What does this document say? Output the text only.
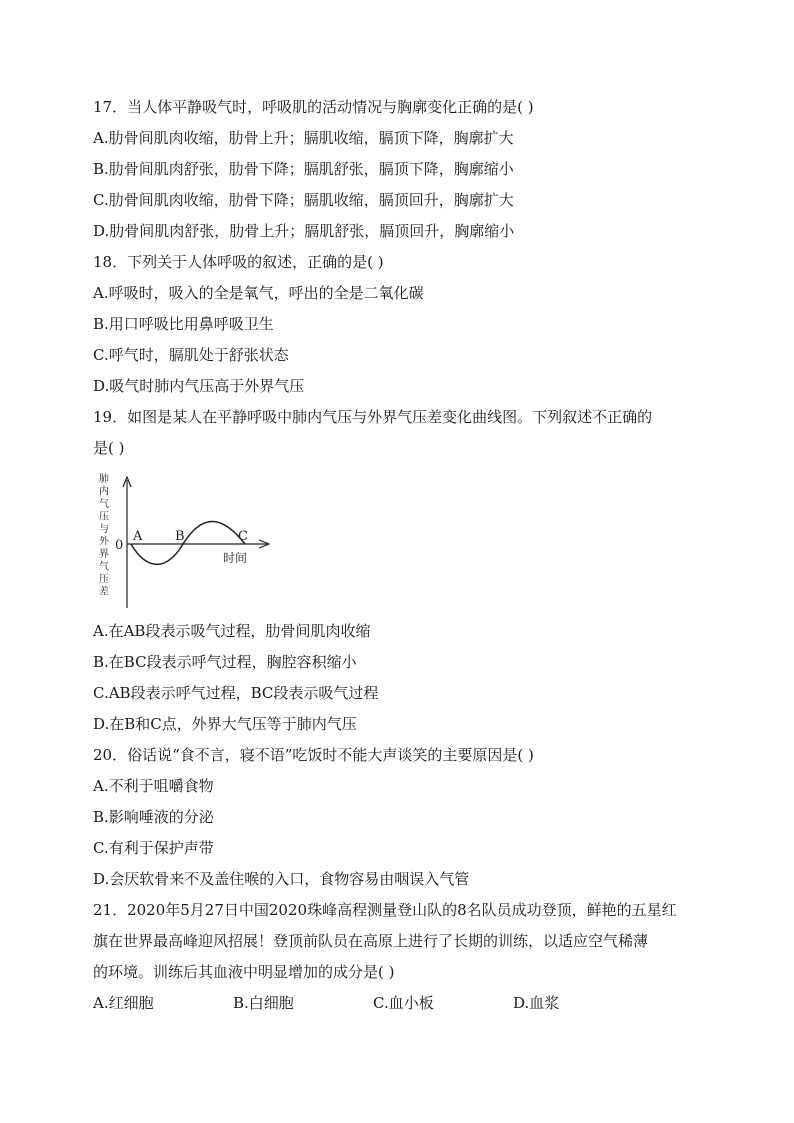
17．当人体平静吸气时，呼吸肌的活动情况与胸廓变化正确的是( )
A.肋骨间肌肉收缩，肋骨上升；膈肌收缩，膈顶下降，胸廓扩大
B.肋骨间肌肉舒张，肋骨下降；膈肌舒张，膈顶下降，胸廓缩小
C.肋骨间肌肉收缩，肋骨下降；膈肌收缩，膈顶回升，胸廓扩大
D.肋骨间肌肉舒张，肋骨上升；膈肌舒张，膈顶回升，胸廓缩小
18．下列关于人体呼吸的叙述，正确的是( )
A.呼吸时，吸入的全是氧气，呼出的全是二氧化碳
B.用口呼吸比用鼻呼吸卫生
C.呼气时，膈肌处于舒张状态
D.吸气时肺内气压高于外界气压
19．如图是某人在平静呼吸中肺内气压与外界气压差变化曲线图。下列叙述不正确的
是( )
肺内气压与外界气压差
0
A	B	C
时间
A.在AB段表示吸气过程，肋骨间肌肉收缩
B.在BC段表示呼气过程，胸腔容积缩小
C.AB段表示呼气过程，BC段表示吸气过程
D.在B和C点，外界大气压等于肺内气压
20．俗话说“食不言，寝不语”吃饭时不能大声谈笑的主要原因是( )
A.不利于咀嚼食物
B.影响唾液的分泌
C.有利于保护声带
D.会厌软骨来不及盖住喉的入口，食物容易由咽误入气管
21．2020年5月27日中国2020珠峰高程测量登山队的8名队员成功登顶，鲜艳的五星红
旗在世界最高峰迎风招展！登顶前队员在高原上进行了长期的训练，以适应空气稀薄
的环境。训练后其血液中明显增加的成分是( )
A.红细胞	B.白细胞	C.血小板	D.血浆
